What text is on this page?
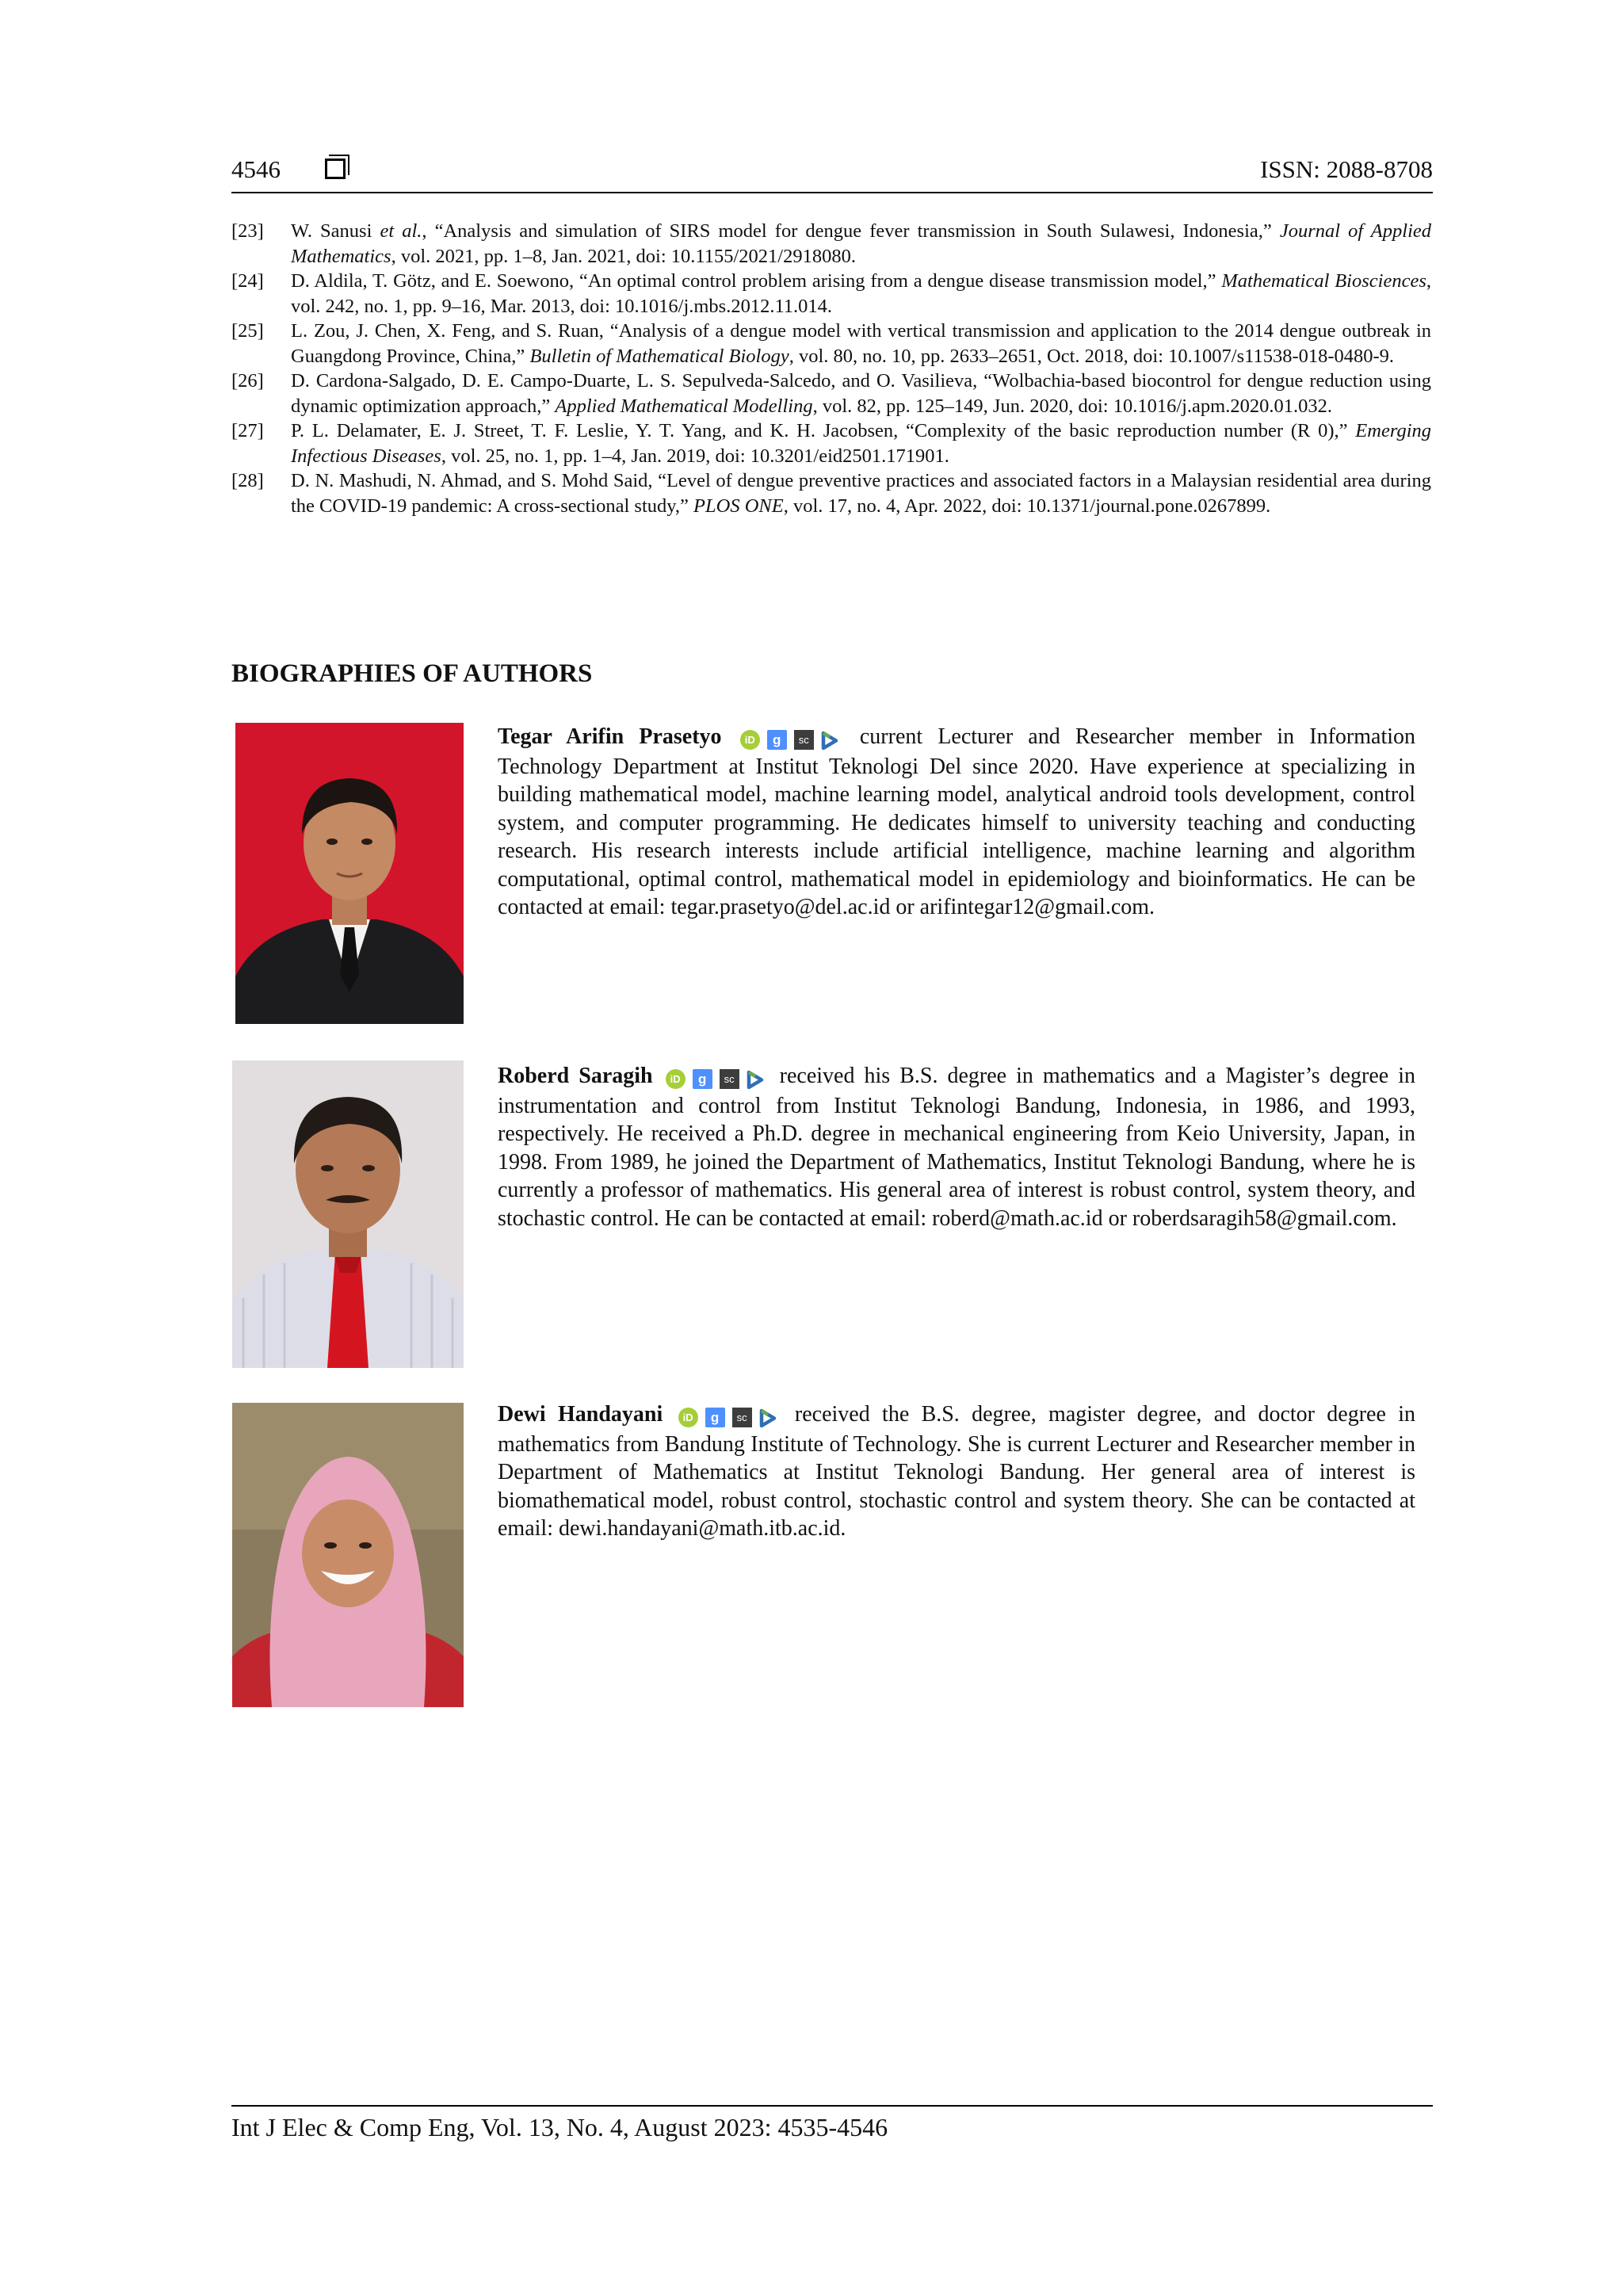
4546	ISSN: 2088-8708
[23] W. Sanusi et al., “Analysis and simulation of SIRS model for dengue fever transmission in South Sulawesi, Indonesia,” Journal of Applied Mathematics, vol. 2021, pp. 1–8, Jan. 2021, doi: 10.1155/2021/2918080.
[24] D. Aldila, T. Götz, and E. Soewono, “An optimal control problem arising from a dengue disease transmission model,” Mathematical Biosciences, vol. 242, no. 1, pp. 9–16, Mar. 2013, doi: 10.1016/j.mbs.2012.11.014.
[25] L. Zou, J. Chen, X. Feng, and S. Ruan, “Analysis of a dengue model with vertical transmission and application to the 2014 dengue outbreak in Guangdong Province, China,” Bulletin of Mathematical Biology, vol. 80, no. 10, pp. 2633–2651, Oct. 2018, doi: 10.1007/s11538-018-0480-9.
[26] D. Cardona-Salgado, D. E. Campo-Duarte, L. S. Sepulveda-Salcedo, and O. Vasilieva, “Wolbachia-based biocontrol for dengue reduction using dynamic optimization approach,” Applied Mathematical Modelling, vol. 82, pp. 125–149, Jun. 2020, doi: 10.1016/j.apm.2020.01.032.
[27] P. L. Delamater, E. J. Street, T. F. Leslie, Y. T. Yang, and K. H. Jacobsen, “Complexity of the basic reproduction number (R 0),” Emerging Infectious Diseases, vol. 25, no. 1, pp. 1–4, Jan. 2019, doi: 10.3201/eid2501.171901.
[28] D. N. Mashudi, N. Ahmad, and S. Mohd Said, “Level of dengue preventive practices and associated factors in a Malaysian residential area during the COVID-19 pandemic: A cross-sectional study,” PLOS ONE, vol. 17, no. 4, Apr. 2022, doi: 10.1371/journal.pone.0267899.
BIOGRAPHIES OF AUTHORS
Tegar Arifin Prasetyo iD g sc current Lecturer and Researcher member in Information Technology Department at Institut Teknologi Del since 2020. Have experience at specializing in building mathematical model, machine learning model, analytical android tools development, control system, and computer programming. He dedicates himself to university teaching and conducting research. His research interests include artificial intelligence, machine learning and algorithm computational, optimal control, mathematical model in epidemiology and bioinformatics. He can be contacted at email: tegar.prasetyo@del.ac.id or arifintegar12@gmail.com.
Roberd Saragih iD g sc received his B.S. degree in mathematics and a Magister’s degree in instrumentation and control from Institut Teknologi Bandung, Indonesia, in 1986, and 1993, respectively. He received a Ph.D. degree in mechanical engineering from Keio University, Japan, in 1998. From 1989, he joined the Department of Mathematics, Institut Teknologi Bandung, where he is currently a professor of mathematics. His general area of interest is robust control, system theory, and stochastic control. He can be contacted at email: roberd@math.ac.id or roberdsaragih58@gmail.com.
Dewi Handayani iD g sc received the B.S. degree, magister degree, and doctor degree in mathematics from Bandung Institute of Technology. She is current Lecturer and Researcher member in Department of Mathematics at Institut Teknologi Bandung. Her general area of interest is biomathematical model, robust control, stochastic control and system theory. She can be contacted at email: dewi.handayani@math.itb.ac.id.
Int J Elec & Comp Eng, Vol. 13, No. 4, August 2023: 4535-4546
